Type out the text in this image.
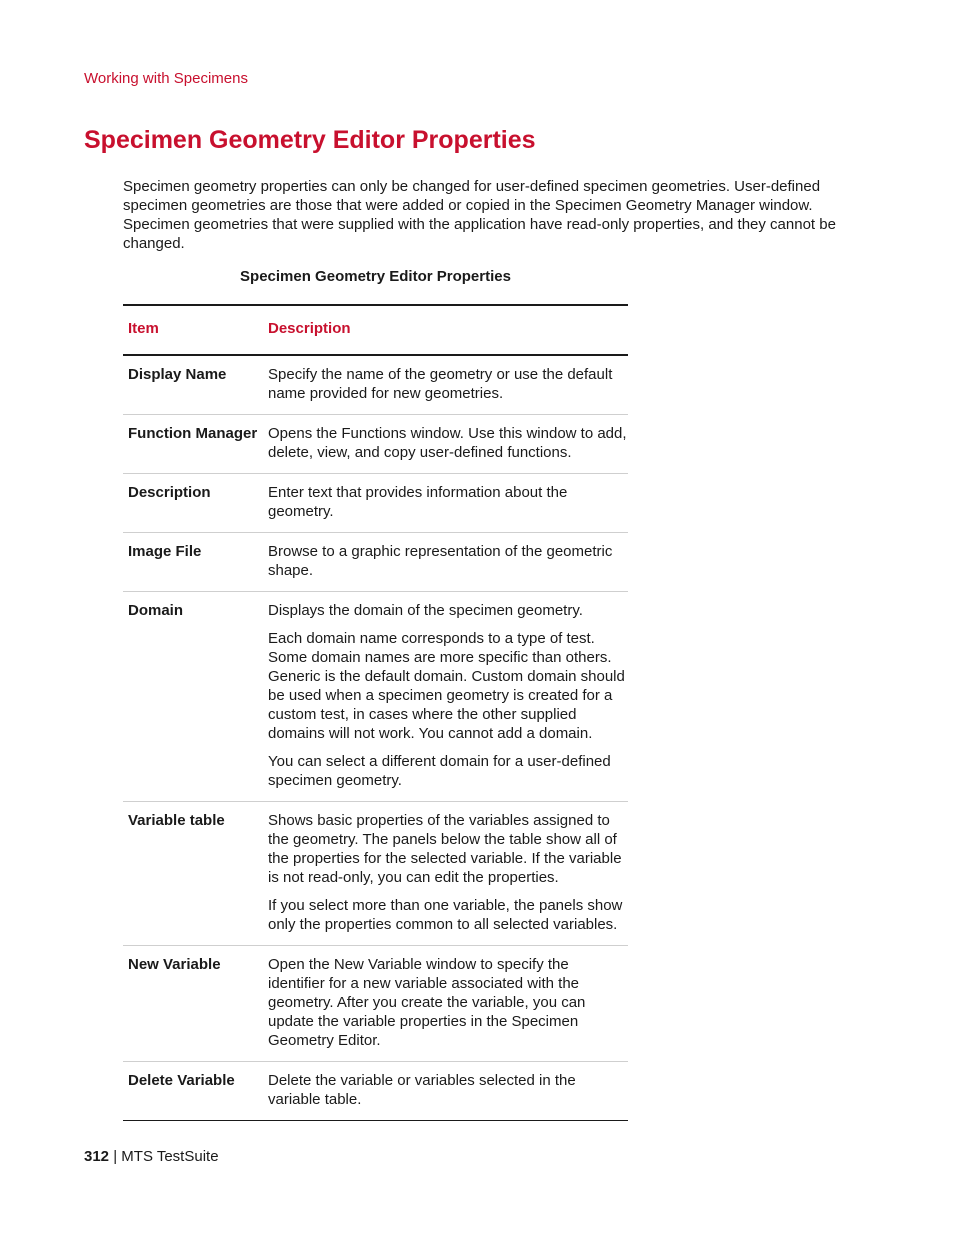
Working with Specimens
Specimen Geometry Editor Properties

Specimen geometry properties can only be changed for user-defined specimen geometries. User-defined specimen geometries are those that were added or copied in the Specimen Geometry Manager window. Specimen geometries that were supplied with the application have read-only properties, and they cannot be changed.

Specimen Geometry Editor Properties

Item	Description
Display Name	Specify the name of the geometry or use the default name provided for new geometries.

Function Manager	Opens the Functions window. Use this window to add, delete, view, and copy user-defined functions.

Description	Enter text that provides information about the geometry.

Image File	Browse to a graphic representation of the geometric shape.

Domain	Displays the domain of the specimen geometry.

Each domain name corresponds to a type of test. Some domain names are more specific than others. Generic is the default domain. Custom domain should be used when a specimen geometry is created for a custom test, in cases where the other supplied domains will not work. You cannot add a domain.

You can select a different domain for a user-defined specimen geometry.

Variable table	Shows basic properties of the variables assigned to the geometry. The panels below the table show all of the properties for the selected variable. If the variable is not read-only, you can edit the properties.

If you select more than one variable, the panels show only the properties common to all selected variables.

New Variable	Open the New Variable window to specify the identifier for a new variable associated with the geometry. After you create the variable, you can update the variable properties in the Specimen Geometry Editor.

Delete Variable	Delete the variable or variables selected in the variable table.

312 | MTS TestSuite
